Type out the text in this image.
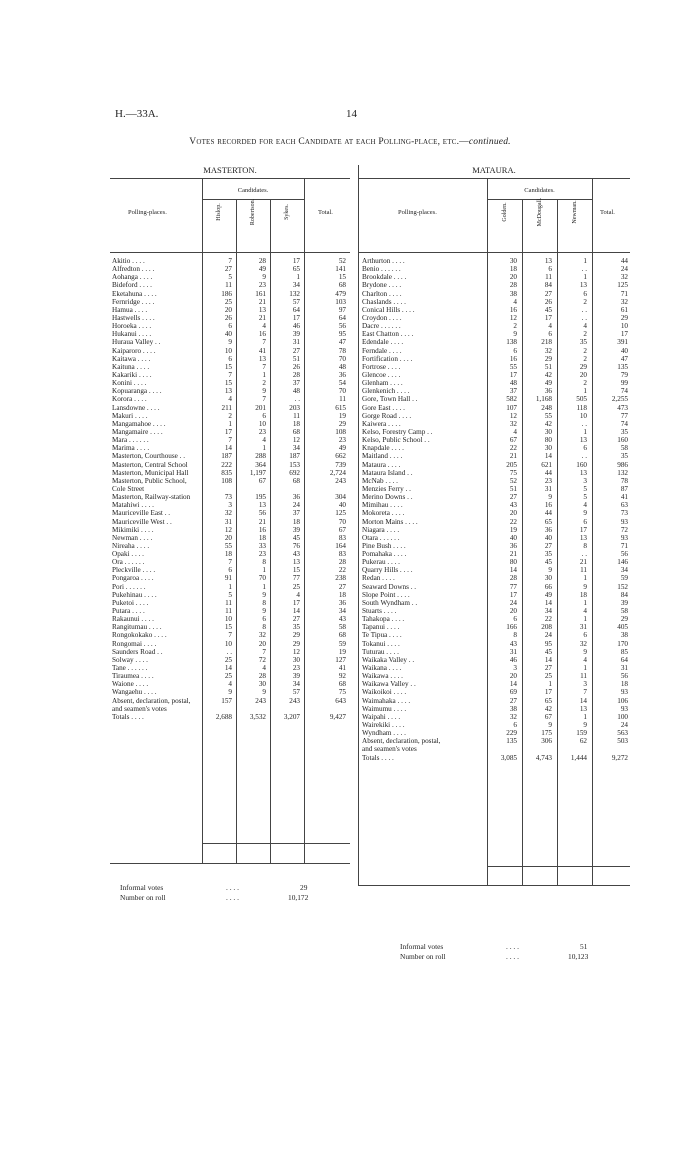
H.—33A.	14
Votes recorded for each Candidate at each Polling-place, etc.—continued.
MASTERTON.
Candidates.
Polling-places.	Total.
Hislop.	Robertson.	Sykes.
Akitio . . . .	7	28	17	52
Alfredton . . . .	27	49	65	141
Aohanga . . . .	5	9	1	15
Bideford . . . .	11	23	34	68
Eketahuna . . . .	186	161	132	479
Fernridge . . . .	25	21	57	103
Hamua . . . .	20	13	64	97
Hastwells . . . .	26	21	17	64
Horoeka . . . .	6	4	46	56
Hukanui . . . .	40	16	39	95
Huraua Valley . .	9	7	31	47
Kaiparoro . . . .	10	41	27	78
Kaitawa . . . .	6	13	51	70
Kaituna . . . .	15	7	26	48
Kakariki . . . .	7	1	28	36
Konini . . . .	15	2	37	54
Kopuaranga . . . .	13	9	48	70
Korora . . . .	4	7	. .	11
Lansdowne . . . .	211	201	203	615
Makuri . . . .	2	6	11	19
Mangamahoe . . . .	1	10	18	29
Mangamaire . . . .	17	23	68	108
Mara . . . . . .	7	4	12	23
Marima . . . .	14	1	34	49
Masterton, Courthouse . .	187	288	187	662
Masterton, Central School	222	364	153	739
Masterton, Municipal Hall	835	1,197	692	2,724
Masterton, Public School,	108	67	68	243
Cole Street
Masterton, Railway-station	73	195	36	304
Matahiwi . . . .	3	13	24	40
Mauriceville East . .	32	56	37	125
Mauriceville West . .	31	21	18	70
Mikimiki . . . .	12	16	39	67
Newman . . . .	20	18	45	83
Nireaha . . . .	55	33	76	164
Opaki . . . .	18	23	43	83
Ora . . . . . .	7	8	13	28
Pleckville . . . .	6	1	15	22
Pongaroa . . . .	91	70	77	238
Pori . . . . . .	1	1	25	27
Pukehinau . . . .	5	9	4	18
Puketoi . . . .	11	8	17	36
Putara . . . .	11	9	14	34
Rakaunui . . . .	10	6	27	43
Rangitumau . . . .	15	8	35	58
Rongokokako . . . .	7	32	29	68
Rongomai . . . .	10	20	29	59
Saunders Road . .	. .	7	12	19
Solway . . . .	25	72	30	127
Tane . . . . . .	14	4	23	41
Tiraumea . . . .	25	28	39	92
Waione . . . .	4	30	34	68
Wangaehu . . . .	9	9	57	75
Absent, declaration, postal,	157	243	243	643
and seamen's votes
Totals . . . .	2,688	3,532	3,207	9,427
Informal votes	. . . .	29
Number on roll	. . . .	10,172
MATAURA.
Candidates.
Polling-places.	Total.
Golden.	McDougall.	Newman.
Arthurton . . . .	30	13	1	44
Benio . . . . . .	18	6	. .	24
Brookdale . . . .	20	11	1	32
Brydone . . . .	28	84	13	125
Charlton . . . .	38	27	6	71
Chaslands . . . .	4	26	2	32
Conical Hills . . . .	16	45	. .	61
Croydon . . . .	12	17	. .	29
Dacre . . . . . .	2	4	4	10
East Chatton . . . .	9	6	2	17
Edendale . . . .	138	218	35	391
Ferndale . . . .	6	32	2	40
Fortification . . . .	16	29	2	47
Fortrose . . . .	55	51	29	135
Glencoe . . . .	17	42	20	79
Glenham . . . .	48	49	2	99
Glenkenich . . . .	37	36	1	74
Gore, Town Hall . .	582	1,168	505	2,255
Gore East . . . .	107	248	118	473
Gorge Road . . . .	12	55	10	77
Kaiwera . . . .	32	42	. .	74
Kelso, Forestry Camp . .	4	30	1	35
Kelso, Public School . .	67	80	13	160
Knapdale . . . .	22	30	6	58
Maitland . . . .	21	14	. .	35
Mataura . . . .	205	621	160	986
Mataura Island . .	75	44	13	132
McNab . . . .	52	23	3	78
Menzies Ferry . .	51	31	5	87
Merino Downs . .	27	9	5	41
Mimihau . . . .	43	16	4	63
Mokoreta . . . .	20	44	9	73
Morton Mains . . . .	22	65	6	93
Niagara . . . .	19	36	17	72
Otara . . . . . .	40	40	13	93
Pine Bush . . . .	36	27	8	71
Pomahaka . . . .	21	35	. .	56
Pukerau . . . .	80	45	21	146
Quarry Hills . . . .	14	9	11	34
Redan . . . .	28	30	1	59
Seaward Downs . .	77	66	9	152
Slope Point . . . .	17	49	18	84
South Wyndham . .	24	14	1	39
Stuarts . . . .	20	34	4	58
Tahakopa . . . .	6	22	1	29
Tapanui . . . .	166	208	31	405
Te Tipua . . . .	8	24	6	38
Tokanui . . . .	43	95	32	170
Tuturau . . . .	31	45	9	85
Waikaka Valley . .	46	14	4	64
Waikana . . . .	3	27	1	31
Waikawa . . . .	20	25	11	56
Waikawa Valley . .	14	1	3	18
Waikoikoi . . . .	69	17	7	93
Waimahaka . . . .	27	65	14	106
Waimumu . . . .	38	42	13	93
Waipahi . . . .	32	67	1	100
Wairekiki . . . .	6	9	9	24
Wyndham . . . .	229	175	159	563
Absent, declaration, postal,	135	306	62	503
and seamen's votes
Totals . . . .	3,085	4,743	1,444	9,272
Informal votes	. . . .	51
Number on roll	. . . .	10,123
